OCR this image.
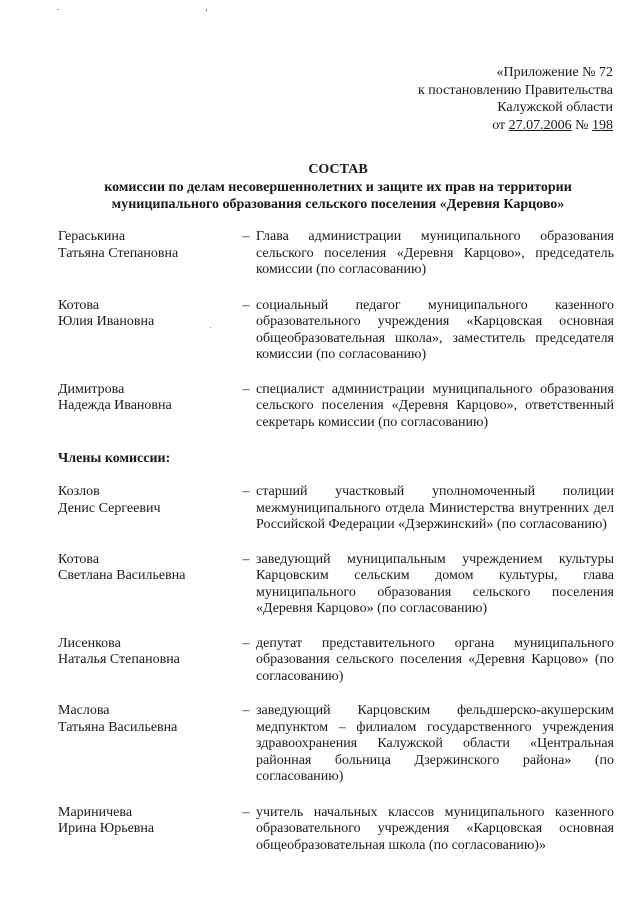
«Приложение № 72
к постановлению Правительства
Калужской области
от 27.07.2006 № 198
СОСТАВ
комиссии по делам несовершеннолетних и защите их прав на территории
муниципального образования сельского поселения «Деревня Карцово»
Гераськина
Татьяна Степановна
– Глава администрации муниципального образования сельского поселения «Деревня Карцово», председатель комиссии (по согласованию)
Котова
Юлия Ивановна
– социальный педагог муниципального казенного образовательного учреждения «Карцовская основная общеобразовательная школа», заместитель председателя комиссии (по согласованию)
Димитрова
Надежда Ивановна
– специалист администрации муниципального образования сельского поселения «Деревня Карцово», ответственный секретарь комиссии (по согласованию)
Члены комиссии:
Козлов
Денис Сергеевич
– старший участковый уполномоченный полиции межмуниципального отдела Министерства внутренних дел Российской Федерации «Дзержинский» (по согласованию)
Котова
Светлана Васильевна
– заведующий муниципальным учреждением культуры Карцовским сельским домом культуры, глава муниципального образования сельского поселения «Деревня Карцово» (по согласованию)
Лисенкова
Наталья Степановна
– депутат представительного органа муниципального образования сельского поселения «Деревня Карцово» (по согласованию)
Маслова
Татьяна Васильевна
– заведующий Карцовским фельдшерско-акушерским медпунктом – филиалом государственного учреждения здравоохранения Калужской области «Центральная районная больница Дзержинского района» (по согласованию)
Мариничева
Ирина Юрьевна
– учитель начальных классов муниципального казенного образовательного учреждения «Карцовская основная общеобразовательная школа (по согласованию)»
